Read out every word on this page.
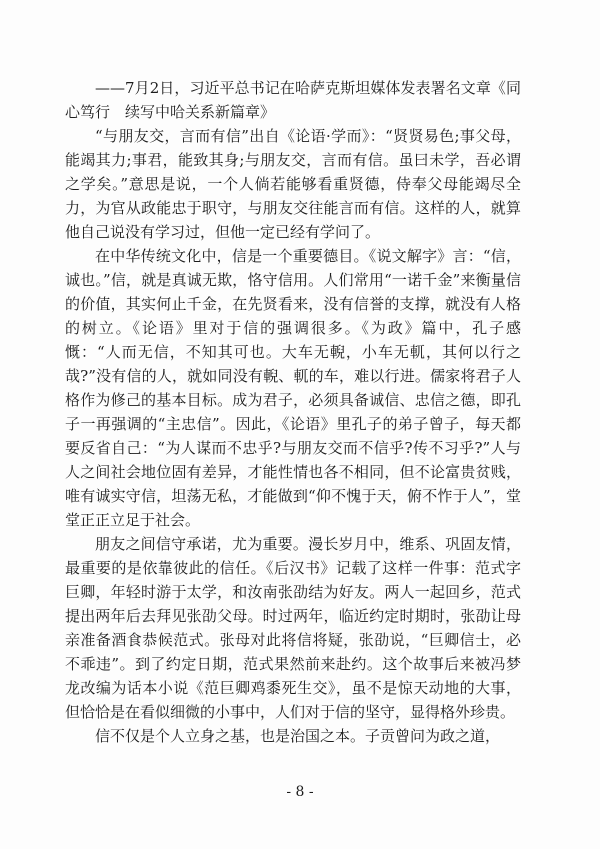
——7月2日，习近平总书记在哈萨克斯坦媒体发表署名文章《同心笃行　续写中哈关系新篇章》

“与朋友交，言而有信”出自《论语·学而》：“贤贤易色;事父母，能竭其力;事君，能致其身;与朋友交，言而有信。虽曰未学，吾必谓之学矣。”意思是说，一个人倘若能够看重贤德，侍奉父母能竭尽全力，为官从政能忠于职守，与朋友交往能言而有信。这样的人，就算他自己说没有学习过，但他一定已经有学问了。

在中华传统文化中，信是一个重要德目。《说文解字》言：“信，诚也。”信，就是真诚无欺，恪守信用。人们常用“一诺千金”来衡量信的价值，其实何止千金，在先贤看来，没有信誉的支撑，就没有人格的树立。《论语》里对于信的强调很多。《为政》篇中，孔子感慨：“人而无信，不知其可也。大车无輗，小车无軏，其何以行之哉?”没有信的人，就如同没有輗、軏的车，难以行进。儒家将君子人格作为修己的基本目标。成为君子，必须具备诚信、忠信之德，即孔子一再强调的“主忠信”。因此，《论语》里孔子的弟子曾子，每天都要反省自己：“为人谋而不忠乎?与朋友交而不信乎?传不习乎?”人与人之间社会地位固有差异，才能性情也各不相同，但不论富贵贫贱，唯有诚实守信，坦荡无私，才能做到“仰不愧于天，俯不怍于人”，堂堂正正立足于社会。

朋友之间信守承诺，尤为重要。漫长岁月中，维系、巩固友情，最重要的是依靠彼此的信任。《后汉书》记载了这样一件事：范式字巨卿，年轻时游于太学，和汝南张劭结为好友。两人一起回乡，范式提出两年后去拜见张劭父母。时过两年，临近约定时期时，张劭让母亲准备酒食恭候范式。张母对此将信将疑，张劭说，“巨卿信士，必不乖违”。到了约定日期，范式果然前来赴约。这个故事后来被冯梦龙改编为话本小说《范巨卿鸡黍死生交》，虽不是惊天动地的大事，但恰恰是在看似细微的小事中，人们对于信的坚守，显得格外珍贵。

信不仅是个人立身之基，也是治国之本。子贡曾问为政之道，

- 8 -
